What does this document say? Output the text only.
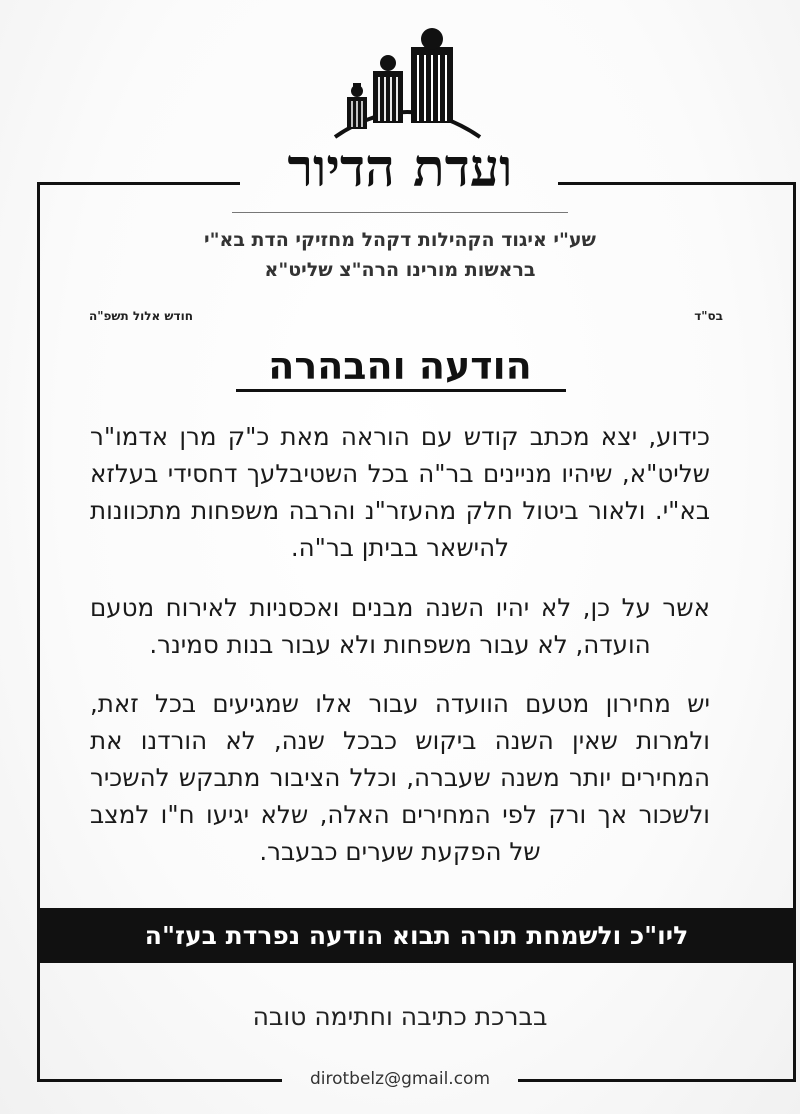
ועדת הדיור
שע"י איגוד הקהילות דקהל מחזיקי הדת בא"י
בראשות מורינו הרה"צ שליט"א
בס"ד
חודש אלול תשפ"ה
הודעה והבהרה
כידוע, יצא מכתב קודש עם הוראה מאת כ"ק מרן אדמו"ר שליט"א, שיהיו מניינים בר"ה בכל השטיבלעך דחסידי בעלזא בא"י. ולאור ביטול חלק מהעזר"נ והרבה משפחות מתכוונות להישאר בביתן בר"ה.
אשר על כן, לא יהיו השנה מבנים ואכסניות לאירוח מטעם הועדה, לא עבור משפחות ולא עבור בנות סמינר.
יש מחירון מטעם הוועדה עבור אלו שמגיעים בכל זאת, ולמרות שאין השנה ביקוש כבכל שנה, לא הורדנו את המחירים יותר משנה שעברה, וכלל הציבור מתבקש להשכיר ולשכור אך ורק לפי המחירים האלה, שלא יגיעו ח"ו למצב של הפקעת שערים כבעבר.
ליו"כ ולשמחת תורה תבוא הודעה נפרדת בעז"ה
בברכת כתיבה וחתימה טובה
dirotbelz@gmail.com
